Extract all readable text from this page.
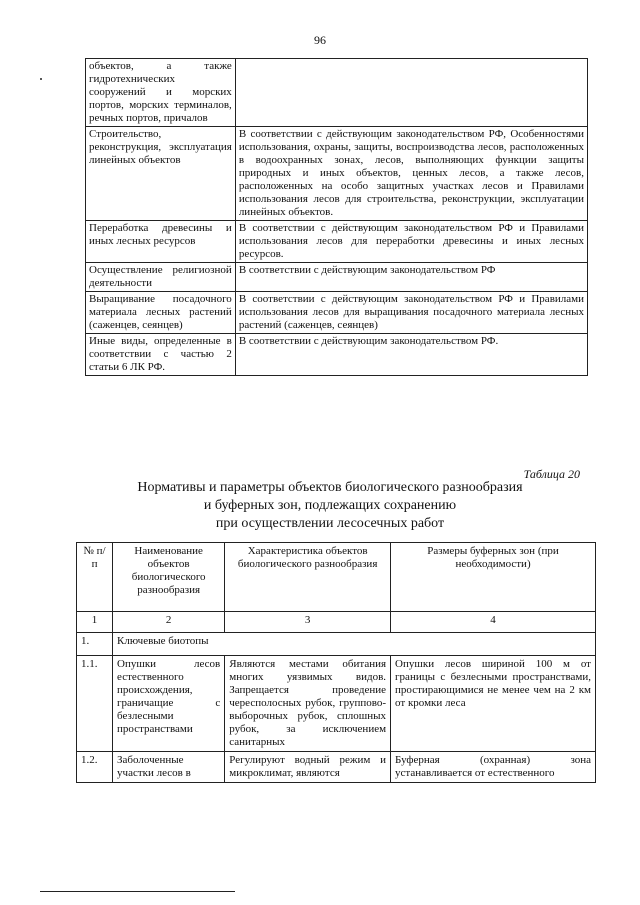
96
объектов, а также гидротехнических сооружений и морских портов, морских терминалов, речных портов, причалов	
Строительство, реконструкция, эксплуатация линейных объектов	В соответствии с действующим законодательством РФ, Особенностями использования, охраны, защиты, воспроизводства лесов, расположенных в водоохранных зонах, лесов, выполняющих функции защиты природных и иных объектов, ценных лесов, а также лесов, расположенных на особо защитных участках лесов и Правилами использования лесов для строительства, реконструкции, эксплуатации линейных объектов.
Переработка древесины и иных лесных ресурсов	В соответствии с действующим законодательством РФ и Правилами использования лесов для переработки древесины и иных лесных ресурсов.
Осуществление религиозной деятельности	В соответствии с действующим законодательством РФ
Выращивание посадочного материала лесных растений (саженцев, сеянцев)	В соответствии с действующим законодательством РФ и Правилами использования лесов для выращивания посадочного материала лесных растений (саженцев, сеянцев)
Иные виды, определенные в соответствии с частью 2 статьи 6 ЛК РФ.	В соответствии с действующим законодательством РФ.
Таблица 20
Нормативы и параметры объектов биологического разнообразия
и буферных зон, подлежащих сохранению
при осуществлении лесосечных работ
№ п/п	Наименование объектов биологического разнообразия	Характеристика объектов биологического разнообразия	Размеры буферных зон (при необходимости)
1	2	3	4
1.	Ключевые биотопы		
1.1.	Опушки лесов естественного происхождения, граничащие с безлесными пространствами	Являются местами обитания многих уязвимых видов. Запрещается проведение чересполосных рубок, группово-выборочных рубок, сплошных рубок, за исключением санитарных	Опушки лесов шириной 100 м от границы с безлесными пространствами, простирающимися не менее чем на 2 км от кромки леса
1.2.	Заболоченные участки лесов в	Регулируют водный режим и микроклимат, являются	Буферная (охранная) зона устанавливается от естественного
